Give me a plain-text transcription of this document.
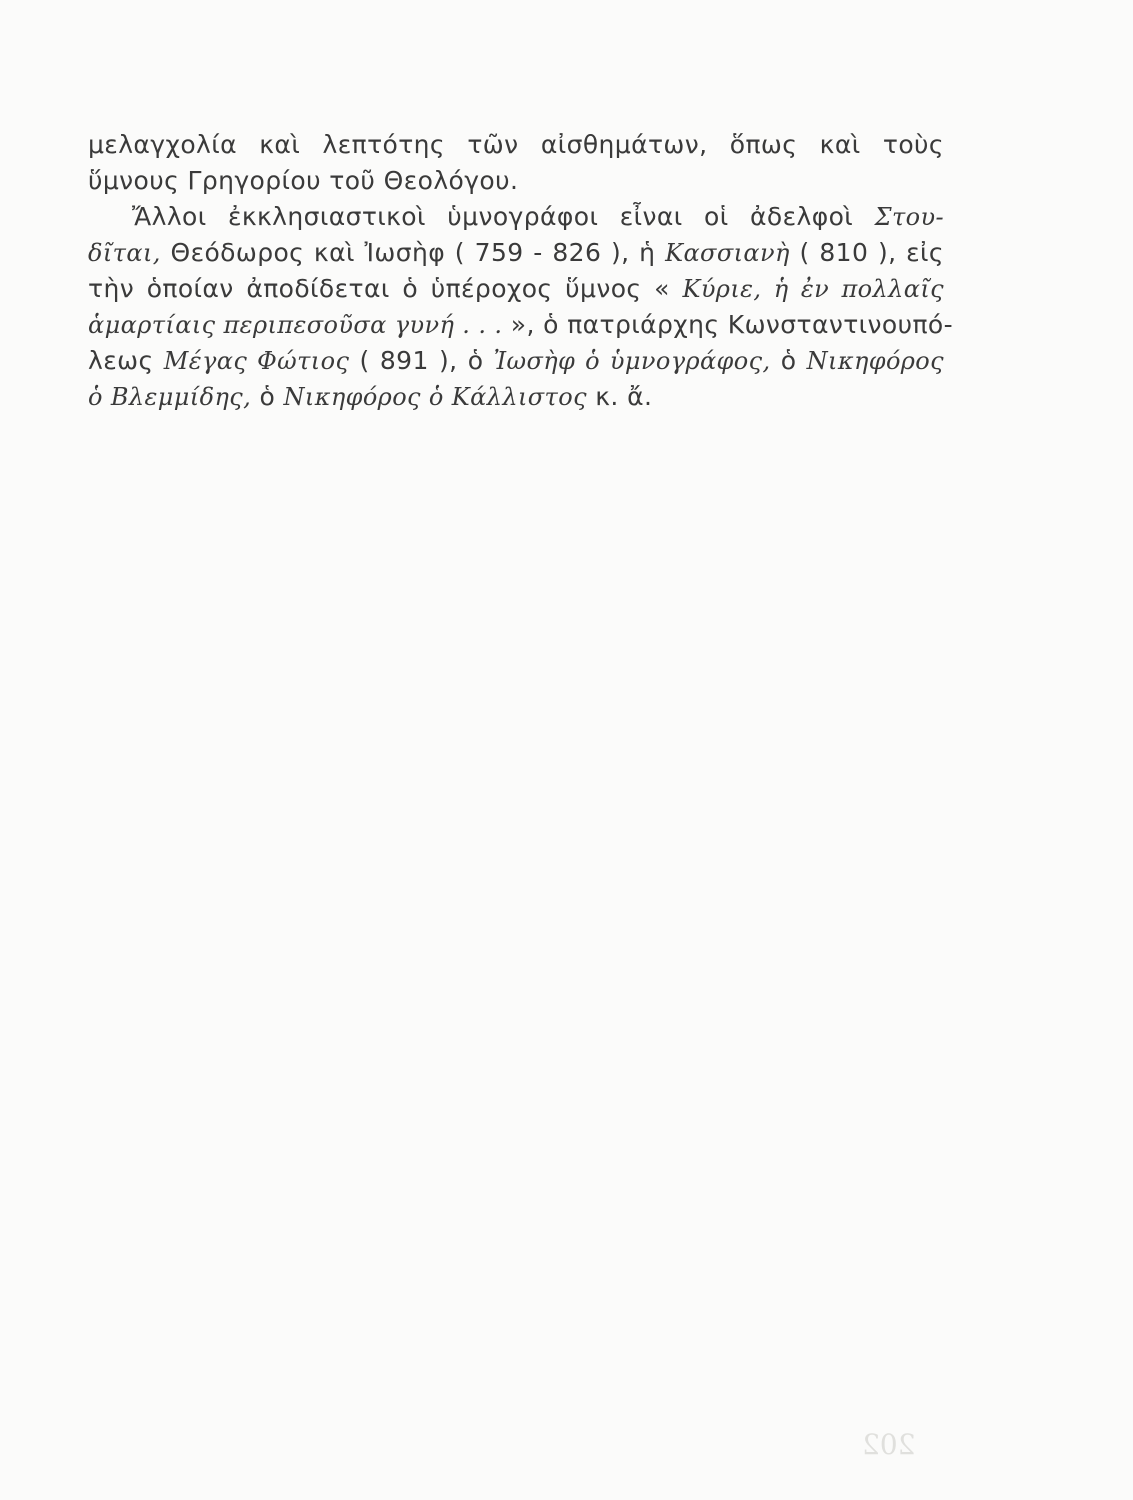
μελαγχολία καὶ λεπτότης τῶν αἰσθημάτων, ὅπως καὶ τοὺς
ὕμνους Γρηγορίου τοῦ Θεολόγου.
Ἄλλοι ἐκκλησιαστικοὶ ὑμνογράφοι εἶναι οἱ ἀδελφοὶ Στου-
δῖται, Θεόδωρος καὶ Ἰωσὴφ ( 759 - 826 ), ἡ Κασσιανὴ ( 810 ), εἰς
τὴν ὁποίαν ἀποδίδεται ὁ ὑπέροχος ὕμνος « Κύριε, ἡ ἐν πολλαῖς
ἁμαρτίαις περιπεσοῦσα γυνή . . . », ὁ πατριάρχης Κωνσταντινουπό-
λεως Μέγας Φώτιος ( 891 ), ὁ Ἰωσὴφ ὁ ὑμνογράφος, ὁ Νικηφόρος
ὁ Βλεμμίδης, ὁ Νικηφόρος ὁ Κάλλιστος κ. ἄ.
202
